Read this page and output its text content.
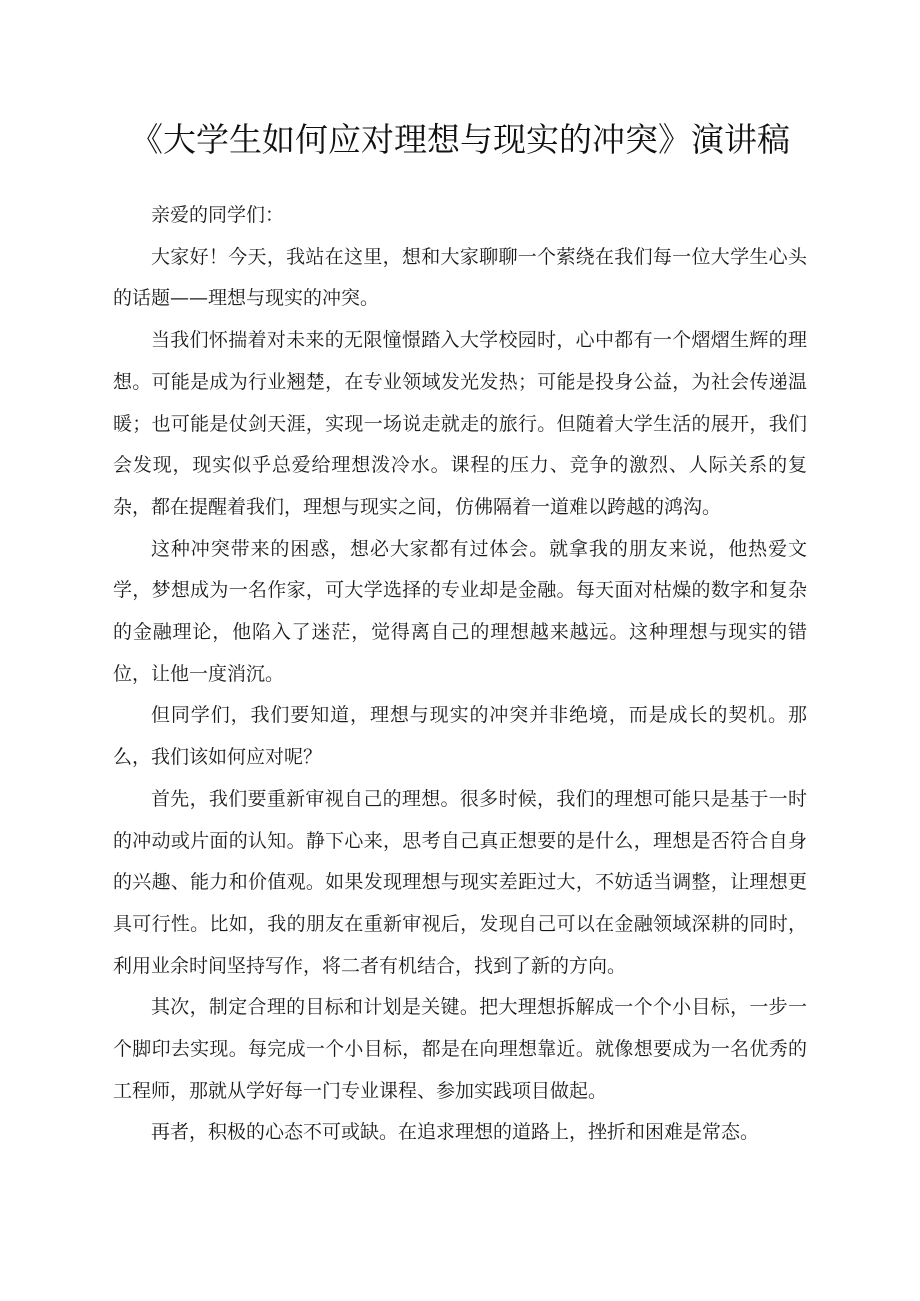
《大学生如何应对理想与现实的冲突》演讲稿

亲爱的同学们：

大家好！今天，我站在这里，想和大家聊聊一个萦绕在我们每一位大学生心头的话题——理想与现实的冲突。

当我们怀揣着对未来的无限憧憬踏入大学校园时，心中都有一个熠熠生辉的理想。可能是成为行业翘楚，在专业领域发光发热；可能是投身公益，为社会传递温暖；也可能是仗剑天涯，实现一场说走就走的旅行。但随着大学生活的展开，我们会发现，现实似乎总爱给理想泼冷水。课程的压力、竞争的激烈、人际关系的复杂，都在提醒着我们，理想与现实之间，仿佛隔着一道难以跨越的鸿沟。

这种冲突带来的困惑，想必大家都有过体会。就拿我的朋友来说，他热爱文学，梦想成为一名作家，可大学选择的专业却是金融。每天面对枯燥的数字和复杂的金融理论，他陷入了迷茫，觉得离自己的理想越来越远。这种理想与现实的错位，让他一度消沉。

但同学们，我们要知道，理想与现实的冲突并非绝境，而是成长的契机。那么，我们该如何应对呢？

首先，我们要重新审视自己的理想。很多时候，我们的理想可能只是基于一时的冲动或片面的认知。静下心来，思考自己真正想要的是什么，理想是否符合自身的兴趣、能力和价值观。如果发现理想与现实差距过大，不妨适当调整，让理想更具可行性。比如，我的朋友在重新审视后，发现自己可以在金融领域深耕的同时，利用业余时间坚持写作，将二者有机结合，找到了新的方向。

其次，制定合理的目标和计划是关键。把大理想拆解成一个个小目标，一步一个脚印去实现。每完成一个小目标，都是在向理想靠近。就像想要成为一名优秀的工程师，那就从学好每一门专业课程、参加实践项目做起。

再者，积极的心态不可或缺。在追求理想的道路上，挫折和困难是常态。
